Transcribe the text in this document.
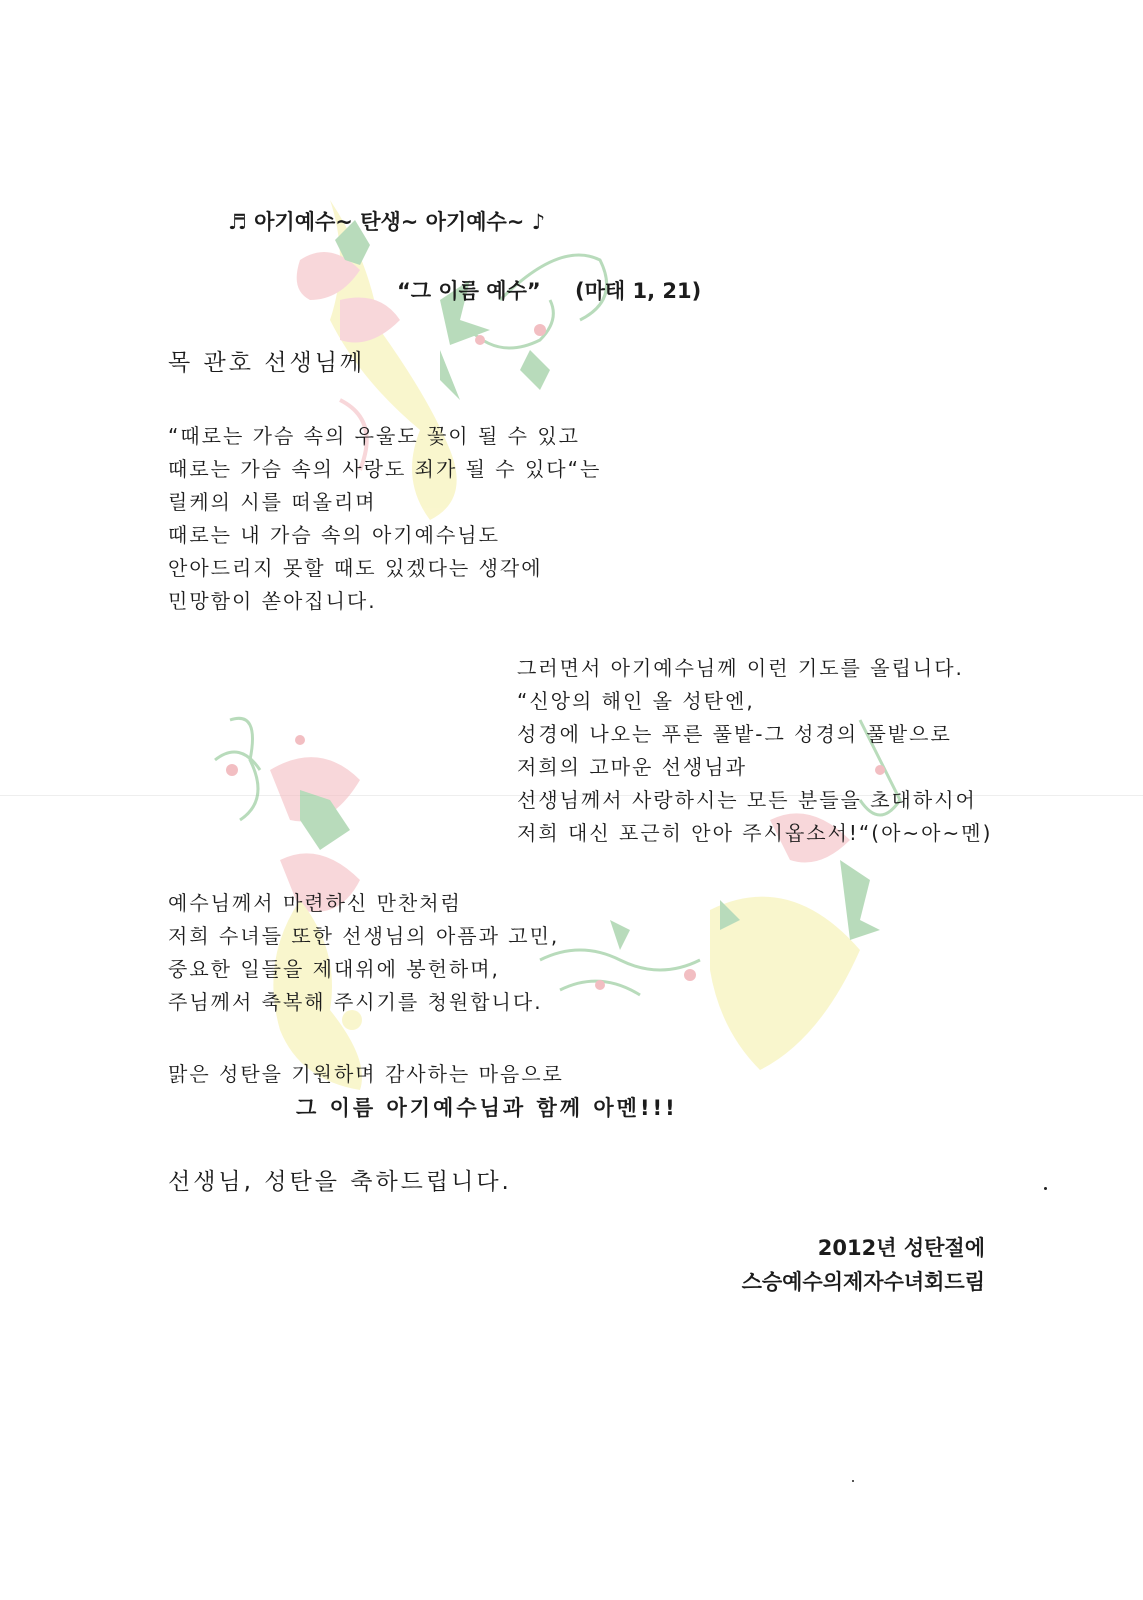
♬ 아기예수~ 탄생~ 아기예수~ ♪
“그 이름 예수” (마태 1, 21)
목 관호 선생님께
“때로는 가슴 속의 우울도 꽃이 될 수 있고
때로는 가슴 속의 사랑도 죄가 될 수 있다“는
릴케의 시를 떠올리며
때로는 내 가슴 속의 아기예수님도
안아드리지 못할 때도 있겠다는 생각에
민망함이 쏟아집니다.
그러면서 아기예수님께 이런 기도를 올립니다.
“신앙의 해인 올 성탄엔,
성경에 나오는 푸른 풀밭-그 성경의 풀밭으로
저희의 고마운 선생님과
선생님께서 사랑하시는 모든 분들을 초대하시어
저희 대신 포근히 안아 주시옵소서!“(아~아~멘)
예수님께서 마련하신 만찬처럼
저희 수녀들 또한 선생님의 아픔과 고민,
중요한 일들을 제대위에 봉헌하며,
주님께서 축복해 주시기를 청원합니다.
맑은 성탄을 기원하며 감사하는 마음으로
그 이름 아기예수님과 함께 아멘!!!
선생님, 성탄을 축하드립니다.
2012년 성탄절에
스승예수의제자수녀회드림
